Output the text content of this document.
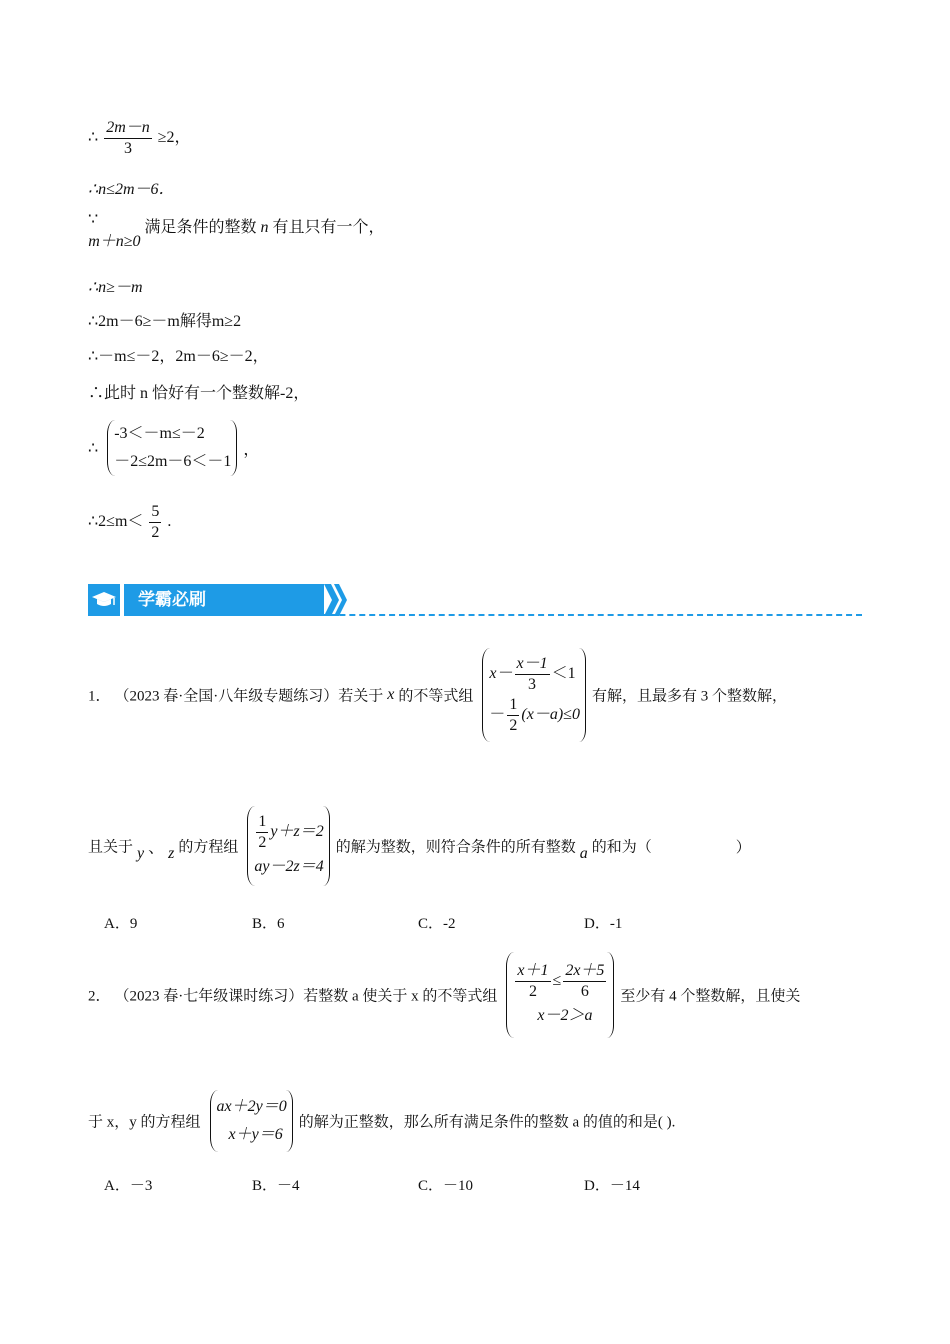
∴ $\frac{2m-n}{3} \ge 2$，
∴n≤2m－6．
∵ m＋n≥0 满足条件的整数 n 有且只有一个，
∴n≥－m
∴2m－6≥－m解得m≥2
∴－m≤－2，2m－6≥－2，
∴此时 n 恰好有一个整数解-2，
∴
-3＜－m≤－2
－2≤2m－6＜－1
，
∴2≤m＜ $\frac{5}{2}$ .
学霸必刷
1． （2023 春·全国·八年级专题练习）若关于 x 的不等式组
$x- \frac{x-1}{3} <1$
－ $\frac{1}{2} (x-a)\le 0$
有解，且最多有 3 个整数解，
且关于 y 、 z 的方程组 $\frac{1}{2} y+z=2$
ay－2z＝4
的解为整数，则符合条件的所有整数 a 的和为（	）
A．9	B．6	C．-2	D．-1
2． （2023 春·七年级课时练习）若整数 a 使关于 x 的不等式组 $\frac{x+1}{2} \le \frac{2x+5}{6}$
x－2＞a
至少有 4 个整数解，且使关
于 x，y 的方程组
ax＋2y＝0
x＋y＝6
的解为正整数，那么所有满足条件的整数 a 的值的和是( ).
A．－3	B．－4	C．－10	D．－14
